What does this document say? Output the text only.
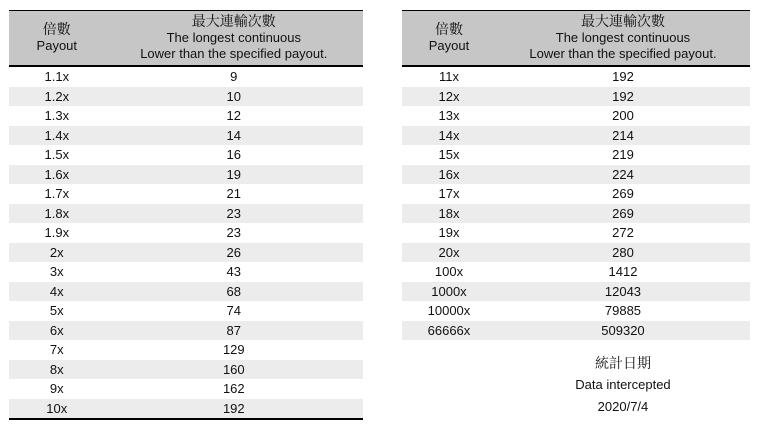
倍數
Payout

最大連輸次數
The longest continuous
Lower than the specified payout.

1.1x	9
1.2x	10
1.3x	12
1.4x	14
1.5x	16
1.6x	19
1.7x	21
1.8x	23
1.9x	23
2x	26
3x	43
4x	68
5x	74
6x	87
7x	129
8x	160
9x	162
10x	192
倍數
Payout

最大連輸次數
The longest continuous
Lower than the specified payout.

11x	192
12x	192
13x	200
14x	214
15x	219
16x	224
17x	269
18x	269
19x	272
20x	280
100x	1412
1000x	12043
10000x	79885
66666x	509320
統計日期
Data intercepted
2020/7/4
